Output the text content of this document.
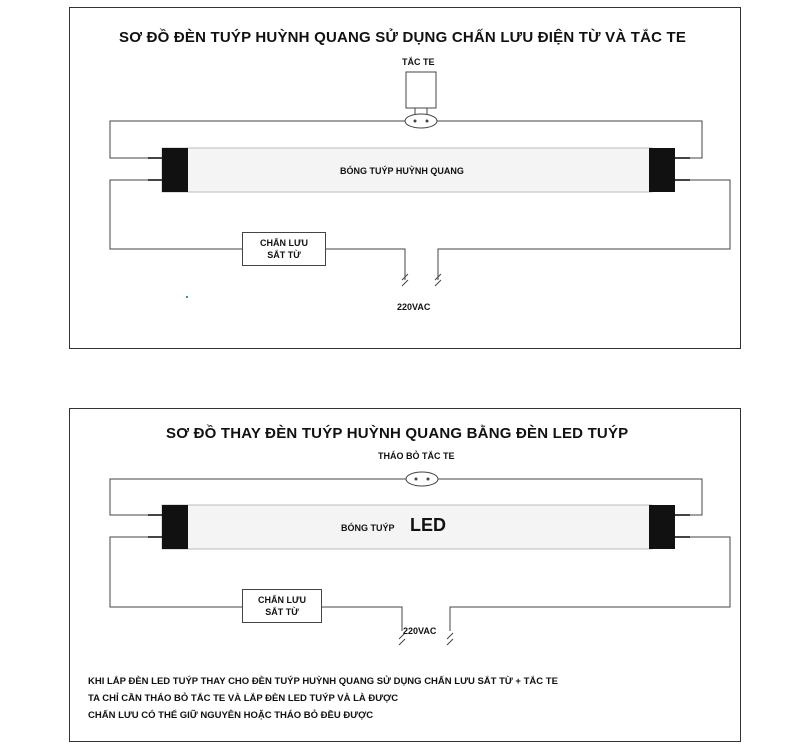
SƠ ĐỒ ĐÈN TUÝP HUỲNH QUANG SỬ DỤNG CHẤN LƯU ĐIỆN TỪ VÀ TẮC TE
TẮC TE
BÓNG TUÝP HUỲNH QUANG
CHẤN LƯU
SẮT TỪ
220VAC
SƠ ĐỒ THAY ĐÈN TUÝP HUỲNH QUANG BẰNG ĐÈN LED TUÝP
THÁO BỎ TẮC TE
BÓNG TUÝP LED
CHẤN LƯU
SẮT TỪ
220VAC
KHI LẮP ĐÈN LED TUÝP THAY CHO ĐÈN TUÝP HUỲNH QUANG SỬ DỤNG CHẤN LƯU SẮT TỪ + TẮC TE
TA CHỈ CẦN THÁO BỎ TẮC TE VÀ LẮP ĐÈN LED TUÝP VÀ LÀ ĐƯỢC
CHẤN LƯU CÓ THỂ GIỮ NGUYÊN HOẶC THÁO BỎ ĐỀU ĐƯỢC
